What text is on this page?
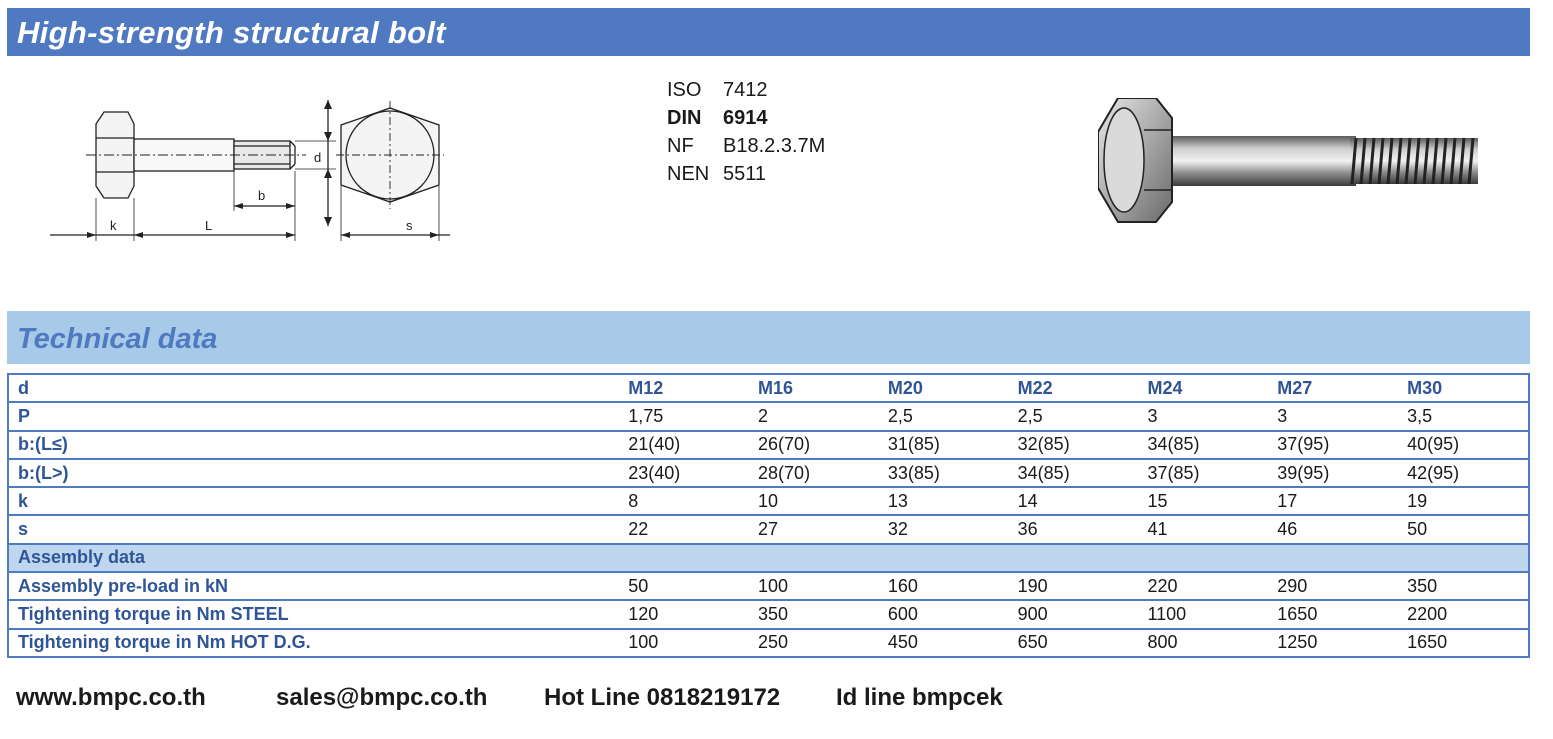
High-strength structural bolt
d
b
k	L	s
ISO	7412
DIN	6914
NF	B18.2.3.7M
NEN 5511
Technical data
d	M12	M16	M20	M22	M24	M27	M30
P	1,75	2	2,5	2,5	3	3	3,5
b:(L≤)	21(40)	26(70)	31(85)	32(85)	34(85)	37(95)	40(95)
b:(L>)	23(40)	28(70)	33(85)	34(85)	37(85)	39(95)	42(95)
k	8	10	13	14	15	17	19
s	22	27	32	36	41	46	50
Assembly data							
Assembly pre-load in kN	50	100	160	190	220	290	350
Tightening torque in Nm STEEL	120	350	600	900	1100	1650	2200
Tightening torque in Nm HOT D.G.	100	250	450	650	800	1250	1650
www.bmpc.co.th	sales@bmpc.co.th Hot Line 0818219172 Id line bmpcek
